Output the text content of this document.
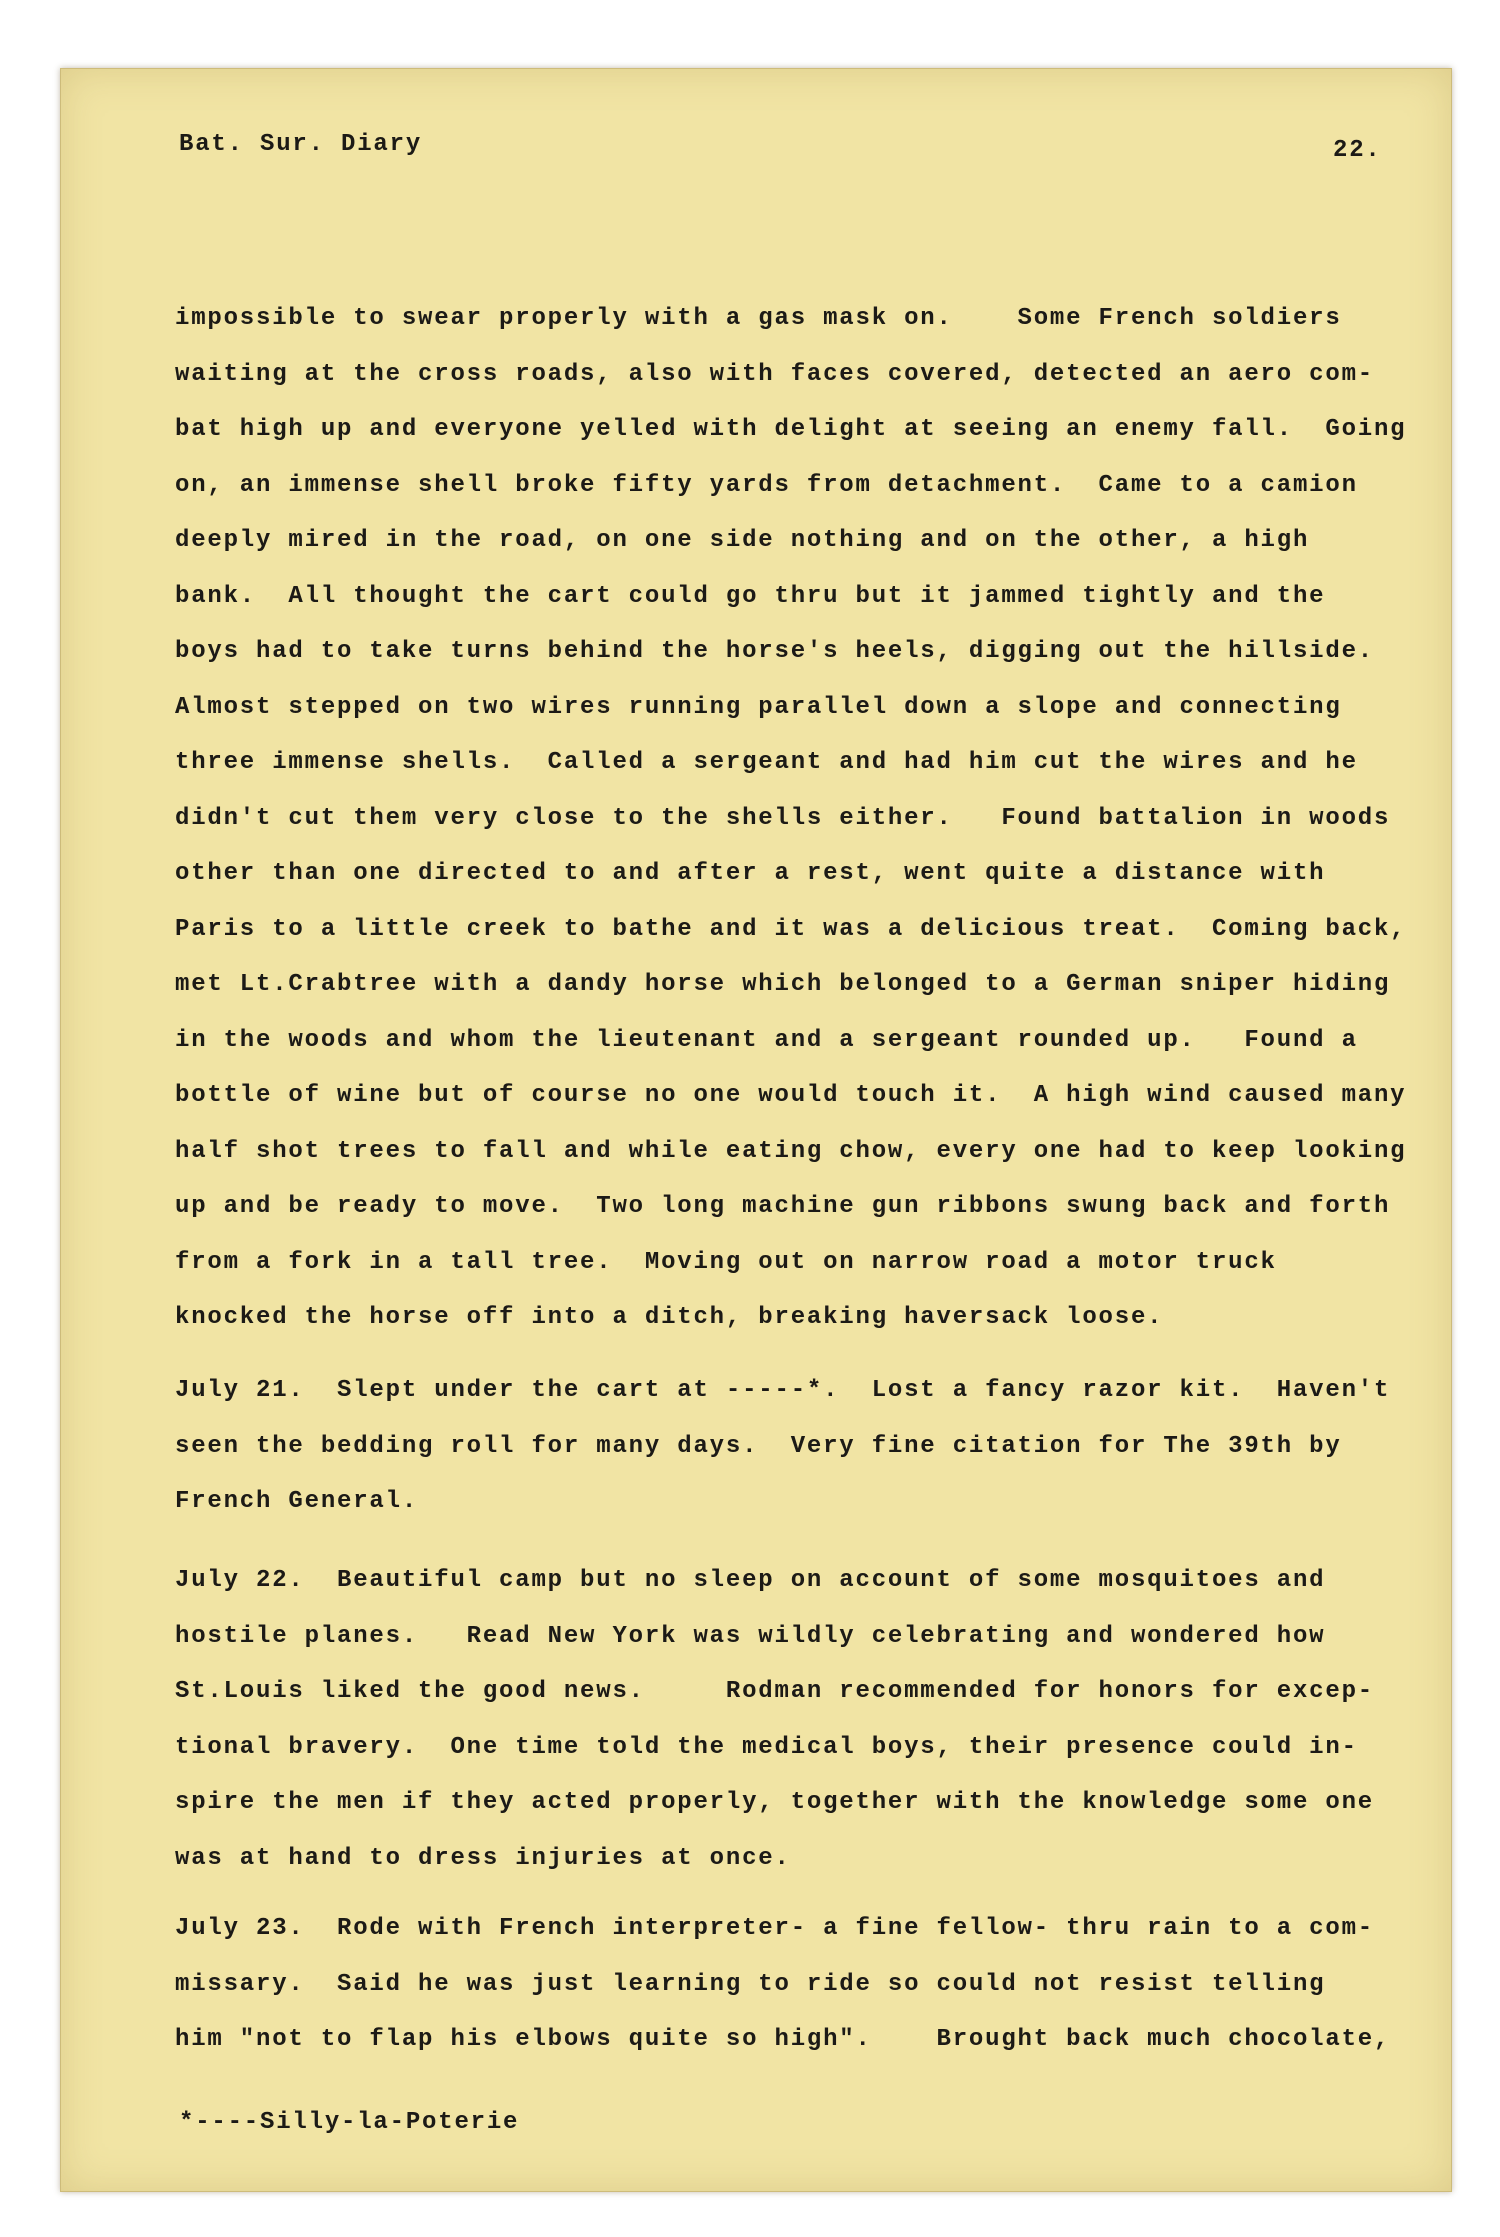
Bat. Sur. Diary	22.
impossible to swear properly with a gas mask on.    Some French soldiers
waiting at the cross roads, also with faces covered, detected an aero com-
bat high up and everyone yelled with delight at seeing an enemy fall.  Going
on, an immense shell broke fifty yards from detachment.  Came to a camion
deeply mired in the road, on one side nothing and on the other, a high
bank.  All thought the cart could go thru but it jammed tightly and the
boys had to take turns behind the horse's heels, digging out the hillside.
Almost stepped on two wires running parallel down a slope and connecting
three immense shells.  Called a sergeant and had him cut the wires and he
didn't cut them very close to the shells either.   Found battalion in woods
other than one directed to and after a rest, went quite a distance with
Paris to a little creek to bathe and it was a delicious treat.  Coming back,
met Lt.Crabtree with a dandy horse which belonged to a German sniper hiding
in the woods and whom the lieutenant and a sergeant rounded up.   Found a
bottle of wine but of course no one would touch it.  A high wind caused many
half shot trees to fall and while eating chow, every one had to keep looking
up and be ready to move.  Two long machine gun ribbons swung back and forth
from a fork in a tall tree.  Moving out on narrow road a motor truck
knocked the horse off into a ditch, breaking haversack loose.
July 21.  Slept under the cart at -----*.  Lost a fancy razor kit.  Haven't
seen the bedding roll for many days.  Very fine citation for The 39th by
French General.
July 22.  Beautiful camp but no sleep on account of some mosquitoes and
hostile planes.   Read New York was wildly celebrating and wondered how
St.Louis liked the good news.     Rodman recommended for honors for excep-
tional bravery.  One time told the medical boys, their presence could in-
spire the men if they acted properly, together with the knowledge some one
was at hand to dress injuries at once.
July 23.  Rode with French interpreter- a fine fellow- thru rain to a com-
missary.  Said he was just learning to ride so could not resist telling
him "not to flap his elbows quite so high".    Brought back much chocolate,
*----Silly-la-Poterie
